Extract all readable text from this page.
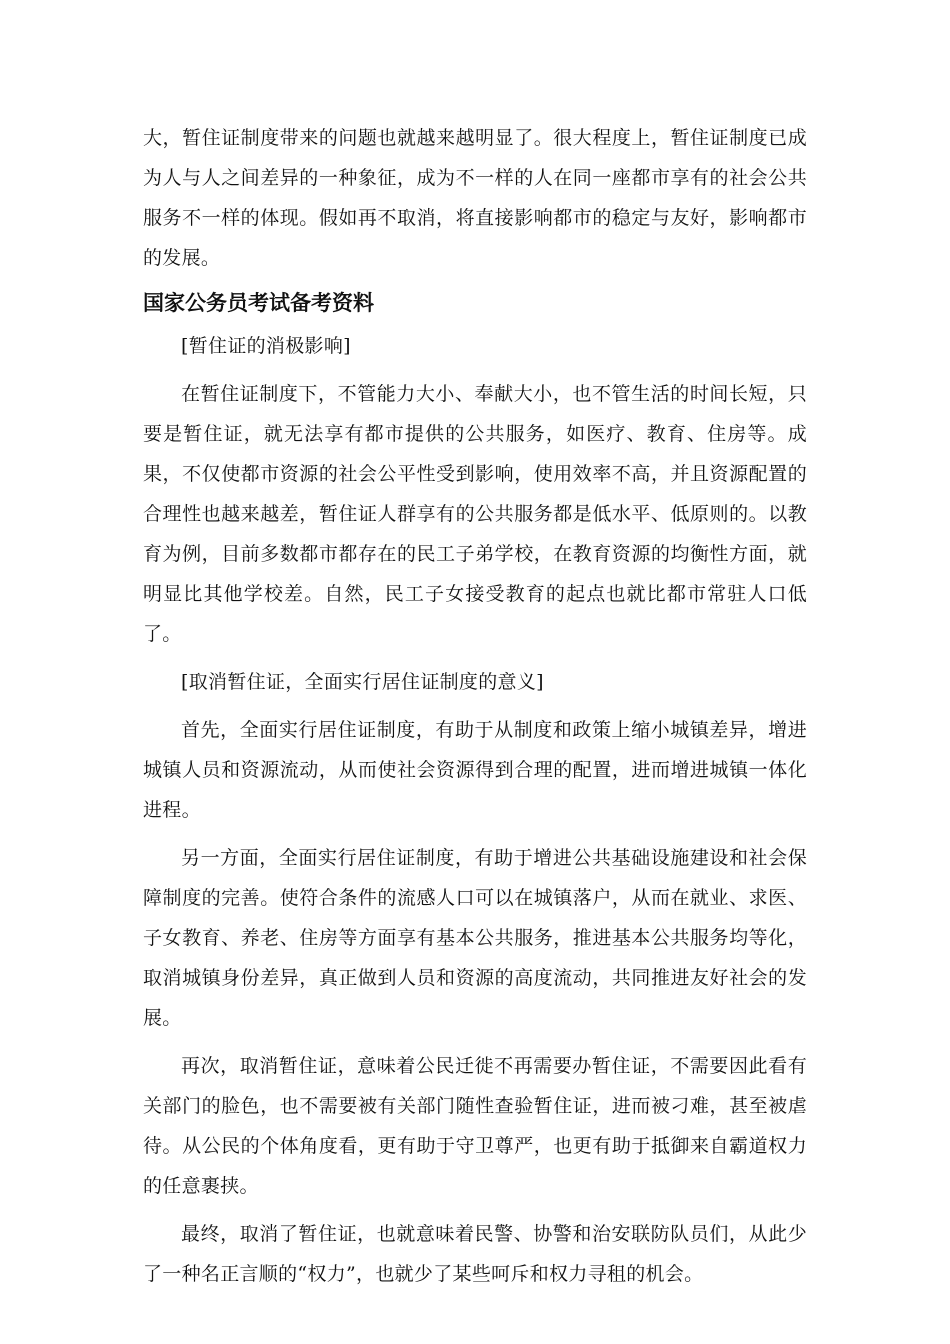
大，暂住证制度带来的问题也就越来越明显了。很大程度上，暂住证制度已成为人与人之间差异的一种象征，成为不一样的人在同一座都市享有的社会公共服务不一样的体现。假如再不取消，将直接影响都市的稳定与友好，影响都市的发展。

国家公务员考试备考资料

[暂住证的消极影响]

在暂住证制度下，不管能力大小、奉献大小，也不管生活的时间长短，只要是暂住证，就无法享有都市提供的公共服务，如医疗、教育、住房等。成果，不仅使都市资源的社会公平性受到影响，使用效率不高，并且资源配置的合理性也越来越差，暂住证人群享有的公共服务都是低水平、低原则的。以教育为例，目前多数都市都存在的民工子弟学校，在教育资源的均衡性方面，就明显比其他学校差。自然，民工子女接受教育的起点也就比都市常驻人口低了。

[取消暂住证，全面实行居住证制度的意义]

首先，全面实行居住证制度，有助于从制度和政策上缩小城镇差异，增进城镇人员和资源流动，从而使社会资源得到合理的配置，进而增进城镇一体化进程。

另一方面，全面实行居住证制度，有助于增进公共基础设施建设和社会保障制度的完善。使符合条件的流感人口可以在城镇落户，从而在就业、求医、子女教育、养老、住房等方面享有基本公共服务，推进基本公共服务均等化，取消城镇身份差异，真正做到人员和资源的高度流动，共同推进友好社会的发展。

再次，取消暂住证，意味着公民迁徙不再需要办暂住证，不需要因此看有关部门的脸色，也不需要被有关部门随性查验暂住证，进而被刁难，甚至被虐待。从公民的个体角度看，更有助于守卫尊严，也更有助于抵御来自霸道权力的任意裹挟。

最终，取消了暂住证，也就意味着民警、协警和治安联防队员们，从此少了一种名正言顺的“权力”，也就少了某些呵斥和权力寻租的机会。
